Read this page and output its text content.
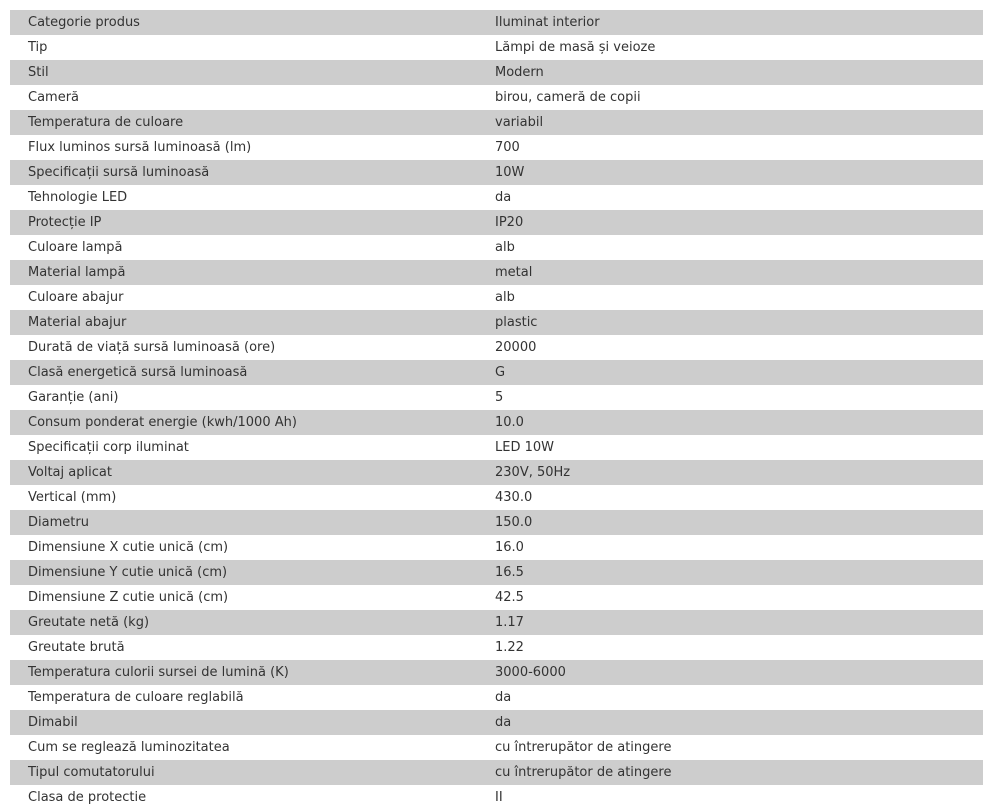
Categorie produs	Iluminat interior
Tip	Lămpi de masă și veioze
Stil	Modern
Cameră	birou, cameră de copii
Temperatura de culoare	variabil
Flux luminos sursă luminoasă (lm)	700
Specificații sursă luminoasă	10W
Tehnologie LED	da
Protecție IP	IP20
Culoare lampă	alb
Material lampă	metal
Culoare abajur	alb
Material abajur	plastic
Durată de viață sursă luminoasă (ore)	20000
Clasă energetică sursă luminoasă	G
Garanție (ani)	5
Consum ponderat energie (kwh/1000 Ah)	10.0
Specificații corp iluminat	LED 10W
Voltaj aplicat	230V, 50Hz
Vertical (mm)	430.0
Diametru	150.0
Dimensiune X cutie unică (cm)	16.0
Dimensiune Y cutie unică (cm)	16.5
Dimensiune Z cutie unică (cm)	42.5
Greutate netă (kg)	1.17
Greutate brută	1.22
Temperatura culorii sursei de lumină (K)	3000-6000
Temperatura de culoare reglabilă	da
Dimabil	da
Cum se reglează luminozitatea	cu întrerupător de atingere
Tipul comutatorului	cu întrerupător de atingere
Clasa de protectie	II
